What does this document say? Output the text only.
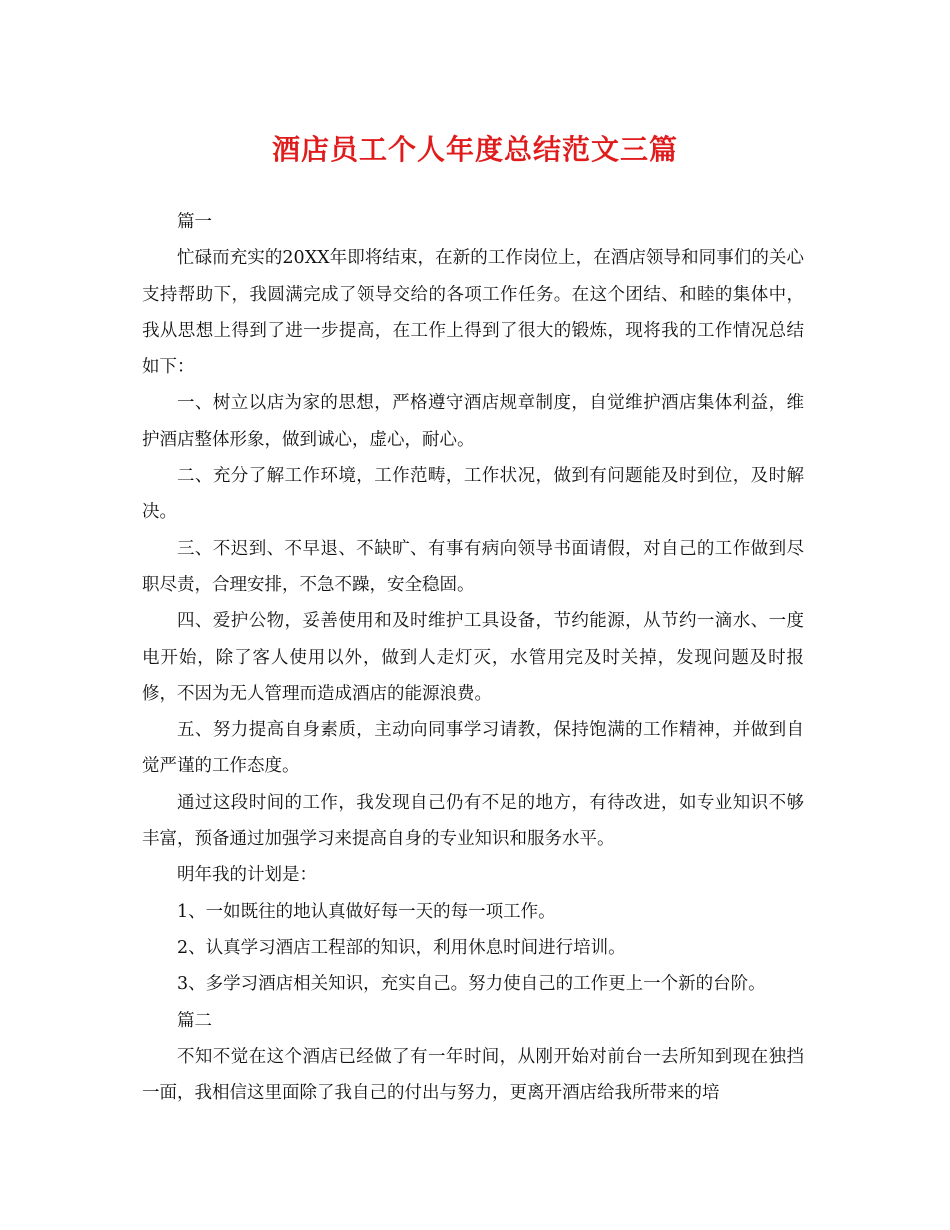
酒店员工个人年度总结范文三篇

篇一

忙碌而充实的20XX年即将结束，在新的工作岗位上，在酒店领导和同事们的关心支持帮助下，我圆满完成了领导交给的各项工作任务。在这个团结、和睦的集体中，我从思想上得到了进一步提高，在工作上得到了很大的锻炼，现将我的工作情况总结如下：

一、树立以店为家的思想，严格遵守酒店规章制度，自觉维护酒店集体利益，维护酒店整体形象，做到诚心，虚心，耐心。

二、充分了解工作环境，工作范畴，工作状况，做到有问题能及时到位，及时解决。

三、不迟到、不早退、不缺旷、有事有病向领导书面请假，对自己的工作做到尽职尽责，合理安排，不急不躁，安全稳固。

四、爱护公物，妥善使用和及时维护工具设备，节约能源，从节约一滴水、一度电开始，除了客人使用以外，做到人走灯灭，水管用完及时关掉，发现问题及时报修，不因为无人管理而造成酒店的能源浪费。

五、努力提高自身素质，主动向同事学习请教，保持饱满的工作精神，并做到自觉严谨的工作态度。

通过这段时间的工作，我发现自己仍有不足的地方，有待改进，如专业知识不够丰富，预备通过加强学习来提高自身的专业知识和服务水平。

明年我的计划是：

1、一如既往的地认真做好每一天的每一项工作。

2、认真学习酒店工程部的知识，利用休息时间进行培训。

3、多学习酒店相关知识，充实自己。努力使自己的工作更上一个新的台阶。

篇二

不知不觉在这个酒店已经做了有一年时间，从刚开始对前台一去所知到现在独挡一面，我相信这里面除了我自己的付出与努力，更离开酒店给我所带来的培
